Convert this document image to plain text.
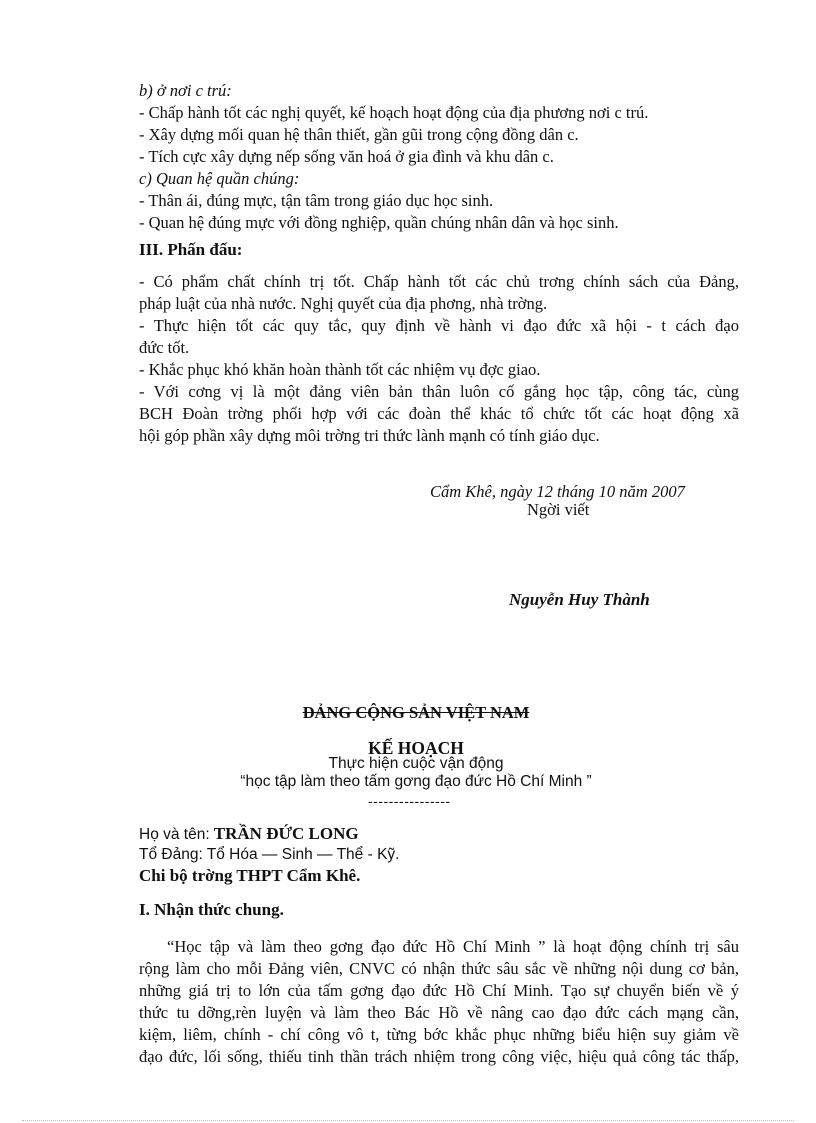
b) ở nơi c trú:
- Chấp hành tốt các nghị quyết, kế hoạch hoạt động của địa phương nơi c trú.
- Xây dựng mối quan hệ thân thiết, gần gũi trong cộng đồng dân c.
- Tích cực xây dựng nếp sống văn hoá ở gia đình và khu dân c.
c) Quan hệ quần chúng:
- Thân ái, đúng mực, tận tâm trong giáo dục học sinh.
- Quan hệ đúng mực với đồng nghiệp, quần chúng nhân dân và học sinh.
III. Phấn đấu:
- Có phẩm chất chính trị tốt. Chấp hành tốt các chủ trơng chính sách của Đảng,
pháp luật của nhà nước. Nghị quyết của địa phơng, nhà trờng.
- Thực hiện tốt các quy tắc, quy định về hành vi đạo đức xã hội - t cách đạo
đức tốt.
- Khắc phục khó khăn hoàn thành tốt các nhiệm vụ đợc giao.
- Với cơng vị là một đảng viên bản thân luôn cố gắng học tập, công tác, cùng
BCH Đoàn trờng phối hợp với các đoàn thể khác tổ chức tốt các hoạt động xã
hội góp phần xây dựng môi trờng tri thức lành mạnh có tính giáo dục.
Cẩm Khê, ngày 12 tháng 10 năm 2007
Ngời viết
Nguyễn Huy Thành
ĐẢNG CỘNG SẢN VIỆT NAM
KẾ HOẠCH
Thực hiện cuộc vận động
“học tập làm theo tấm gơng đạo đức Hồ Chí Minh ”
----------------
Họ và tên: TRẦN ĐỨC LONG
Tổ Đảng: Tổ Hóa — Sinh — Thể - Kỹ.
Chi bộ trờng THPT Cẩm Khê.
I. Nhận thức chung.
“Học tập và làm theo gơng đạo đức Hồ Chí Minh ” là hoạt động chính trị sâu
rộng làm cho mỗi Đảng viên, CNVC có nhận thức sâu sắc về những nội dung cơ bản,
những giá trị to lớn của tấm gơng đạo đức Hồ Chí Minh. Tạo sự chuyển biến về ý
thức tu dỡng,rèn luyện và làm theo Bác Hồ về nâng cao đạo đức cách mạng cần,
kiệm, liêm, chính - chí công vô t, từng bớc khắc phục những biểu hiện suy giảm về
đạo đức, lối sống, thiếu tinh thần trách nhiệm trong công việc, hiệu quả công tác thấp,
